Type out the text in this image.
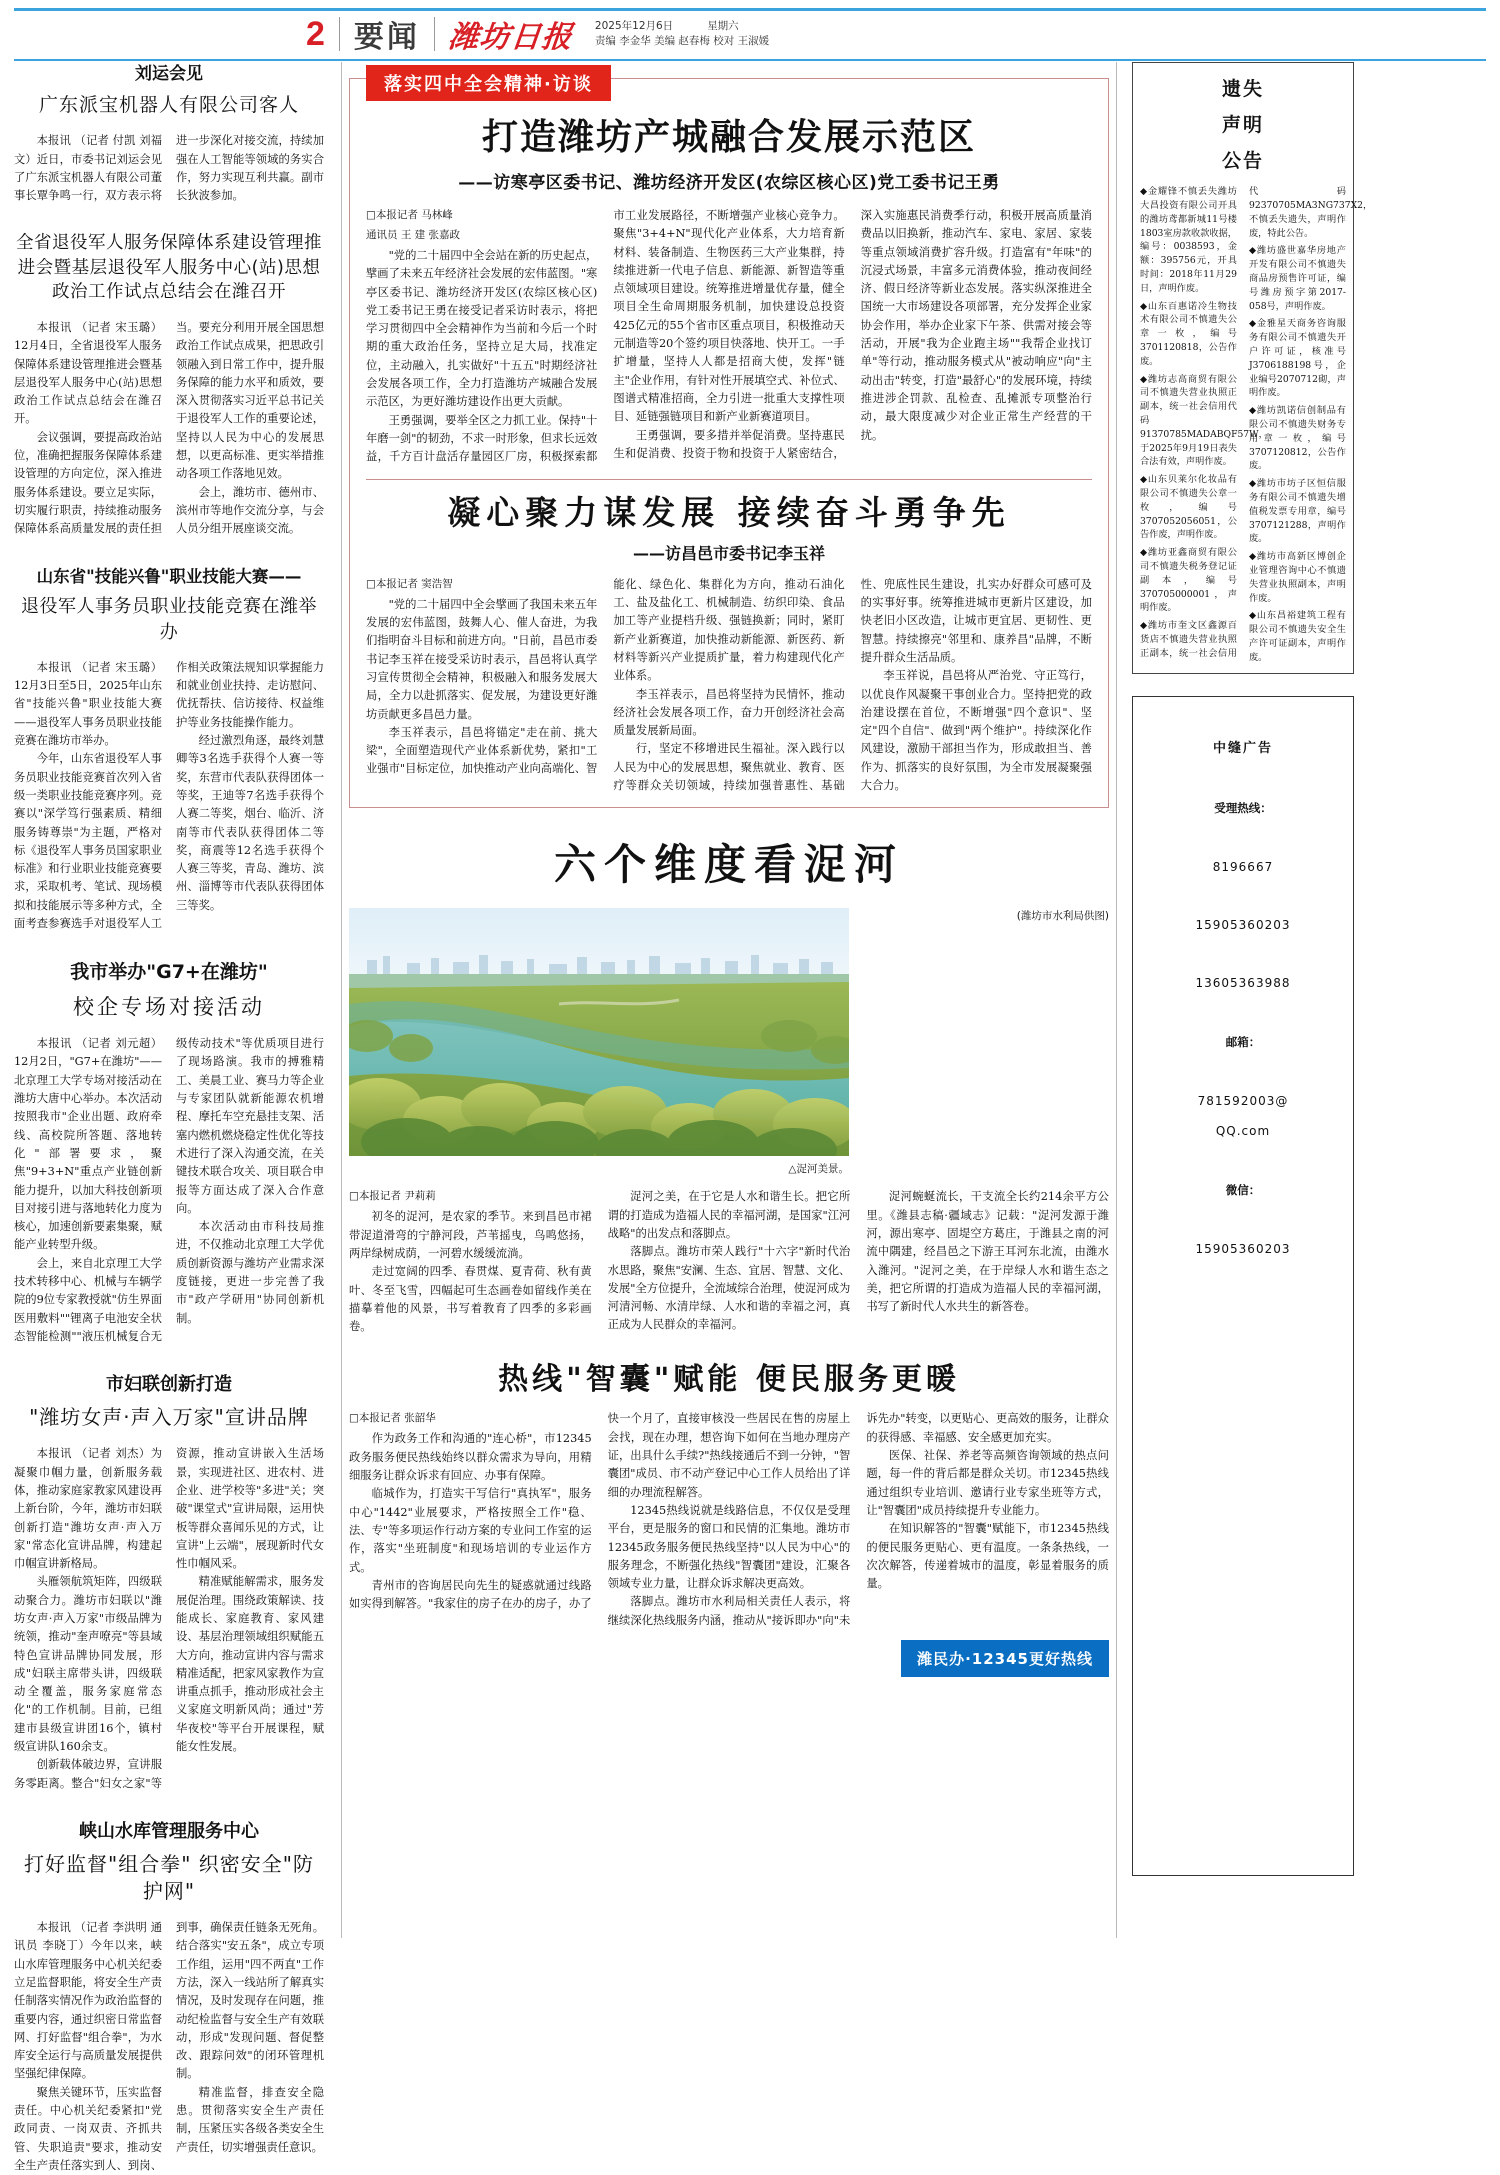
2 要闻 潍坊日报 2025年12月6日	星期六
责编 李金华 美编 赵春梅 校对 王淑媛
刘运会见
广东派宝机器人有限公司客人

本报讯 （记者 付凯 刘福文）近日，市委书记刘运会见了广东派宝机器人有限公司董事长覃争鸣一行，双方表示将进一步深化对接交流，持续加强在人工智能等领域的务实合作，努力实现互利共赢。副市长狄波参加。

全省退役军人服务保障体系建设管理推进会暨基层退役军人服务中心(站)思想政治工作试点总结会在潍召开

本报讯 （记者 宋玉璐）12月4日，全省退役军人服务保障体系建设管理推进会暨基层退役军人服务中心(站)思想政治工作试点总结会在潍召开。

会议强调，要提高政治站位，准确把握服务保障体系建设管理的方向定位，深入推进服务体系建设。要立足实际，切实履行职责，持续推动服务保障体系高质量发展的责任担当。要充分利用开展全国思想政治工作试点成果，把思政引领融入到日常工作中，提升服务保障的能力水平和质效，要深入贯彻落实习近平总书记关于退役军人工作的重要论述，坚持以人民为中心的发展思想，以更高标准、更实举措推动各项工作落地见效。

会上，潍坊市、德州市、滨州市等地作交流分享，与会人员分组开展座谈交流。

山东省"技能兴鲁"职业技能大赛——
退役军人事务员职业技能竞赛在潍举办

本报讯 （记者 宋玉璐）12月3日至5日，2025年山东省"技能兴鲁"职业技能大赛——退役军人事务员职业技能竞赛在潍坊市举办。

今年，山东省退役军人事务员职业技能竞赛首次列入省级一类职业技能竞赛序列。竞赛以"深学笃行强素质、精细服务铸尊崇"为主题，严格对标《退役军人事务员国家职业标准》和行业职业技能竞赛要求，采取机考、笔试、现场模拟和技能展示等多种方式，全面考查参赛选手对退役军人工作相关政策法规知识掌握能力和就业创业扶持、走访慰问、优抚帮扶、信访接待、权益维护等业务技能操作能力。

经过激烈角逐，最终刘慧卿等3名选手获得个人赛一等奖，东营市代表队获得团体一等奖，王迪等7名选手获得个人赛二等奖，烟台、临沂、济南等市代表队获得团体二等奖，商震等12名选手获得个人赛三等奖，青岛、潍坊、滨州、淄博等市代表队获得团体三等奖。

我市举办"G7+在潍坊"
校企专场对接活动

本报讯 （记者 刘元超）12月2日，"G7+在潍坊"——北京理工大学专场对接活动在潍坊大唐中心举办。本次活动按照我市"企业出题、政府牵线、高校院所答题、落地转化"部署要求，聚焦"9+3+N"重点产业链创新能力提升，以加大科技创新项目对接引进与落地转化力度为核心，加速创新要素集聚，赋能产业转型升级。

会上，来自北京理工大学技术转移中心、机械与车辆学院的9位专家教授就"仿生界面医用敷料""锂离子电池安全状态智能检测""液压机械复合无级传动技术"等优质项目进行了现场路演。我市的搏雅精工、美晨工业、赛马力等企业与专家团队就新能源农机增程、摩托车空充悬挂支架、活塞内燃机燃烧稳定性优化等技术进行了深入沟通交流，在关键技术联合攻关、项目联合申报等方面达成了深入合作意向。

本次活动由市科技局推进，不仅推动北京理工大学优质创新资源与潍坊产业需求深度链接，更进一步完善了我市"政产学研用"协同创新机制。

市妇联创新打造
"潍坊女声·声入万家"宣讲品牌

本报讯 （记者 刘杰）为凝聚巾帼力量，创新服务载体，推动家庭家教家风建设再上新台阶，今年，潍坊市妇联创新打造"潍坊女声·声入万家"常态化宣讲品牌，构建起巾帼宣讲新格局。

头雁领航筑矩阵，四级联动聚合力。潍坊市妇联以"潍坊女声·声入万家"市级品牌为统领，推动"奎声嘹亮"等县域特色宣讲品牌协同发展，形成"妇联主席带头讲，四级联动全覆盖，服务家庭常态化"的工作机制。目前，已组建市县级宣讲团16个，镇村级宣讲队160余支。

创新载体破边界，宣讲服务零距离。整合"妇女之家"等资源，推动宣讲嵌入生活场景，实现进社区、进农村、进企业、进学校等"多进"关；突破"课堂式"宣讲局限，运用快板等群众喜闻乐见的方式，让宣讲"上云端"，展现新时代女性巾帼风采。

精准赋能解需求，服务发展促治理。围绕政策解读、技能成长、家庭教育、家风建设、基层治理领域组织赋能五大方向，推动宣讲内容与需求精准适配，把家风家教作为宣讲重点抓手，推动形成社会主义家庭文明新风尚；通过"芳华夜校"等平台开展课程，赋能女性发展。

峡山水库管理服务中心
打好监督"组合拳" 织密安全"防护网"

本报讯 （记者 李洪明 通讯员 李晓丁）今年以来，峡山水库管理服务中心机关纪委立足监督职能，将安全生产责任制落实情况作为政治监督的重要内容，通过织密日常监督网、打好监督"组合拳"，为水库安全运行与高质量发展提供坚强纪律保障。

聚焦关键环节，压实监督责任。中心机关纪委紧扣"党政同责、一岗双责、齐抓共管、失职追责"要求，推动安全生产责任落实到人、到岗、到事，确保责任链条无死角。结合落实"安五条"，成立专项工作组，运用"四不两直"工作方法，深入一线站所了解真实情况，及时发现存在问题，推动纪检监督与安全生产有效联动，形成"发现问题、督促整改、跟踪问效"的闭环管理机制。

精准监督，排查安全隐患。贯彻落实安全生产责任制，压紧压实各级各类安全生产责任，切实增强责任意识。

落实四中全会精神·访谈
打造潍坊产城融合发展示范区
——访寒亭区委书记、潍坊经济开发区(农综区核心区)党工委书记王勇
□本报记者 马林峰
通讯员 王 建 张嘉政

"党的二十届四中全会站在新的历史起点，擘画了未来五年经济社会发展的宏伟蓝图。"寒亭区委书记、潍坊经济开发区(农综区核心区)党工委书记王勇在接受记者采访时表示，将把学习贯彻四中全会精神作为当前和今后一个时期的重大政治任务，坚持立足大局，找准定位，主动融入，扎实做好"十五五"时期经济社会发展各项工作，全力打造潍坊产城融合发展示范区，为更好潍坊建设作出更大贡献。

王勇强调，要举全区之力抓工业。保持"十年磨一剑"的韧劲，不求一时形象，但求长远效益，千方百计盘活存量园区厂房，积极探索都市工业发展路径，不断增强产业核心竞争力。聚焦"3+4+N"现代化产业体系，大力培育新材料、装备制造、生物医药三大产业集群，持续推进新一代电子信息、新能源、新智造等重点领域项目建设。统筹推进增量优存量，健全项目全生命周期服务机制，加快建设总投资425亿元的55个省市区重点项目，积极推动天元制造等20个签约项目快落地、快开工。一手扩增量，坚持人人都是招商大使，发挥"链主"企业作用，有针对性开展填空式、补位式、图谱式精准招商，全力引进一批重大支撑性项目、延链强链项目和新产业新赛道项目。

王勇强调，要多措并举促消费。坚持惠民生和促消费、投资于物和投资于人紧密结合，深入实施惠民消费季行动，积极开展高质量消费品以旧换新，推动汽车、家电、家居、家装等重点领域消费扩容升级。打造富有"年味"的沉浸式场景，丰富多元消费体验，推动夜间经济、假日经济等新业态发展。落实纵深推进全国统一大市场建设各项部署，充分发挥企业家协会作用，举办企业家下午茶、供需对接会等活动，开展"我为企业跑主场""我帮企业找订单"等行动，推动服务模式从"被动响应"向"主动出击"转变，打造"最舒心"的发展环境，持续推进涉企罚款、乱检查、乱摊派专项整治行动，最大限度减少对企业正常生产经营的干扰。

凝心聚力谋发展 接续奋斗勇争先
——访昌邑市委书记李玉祥
□本报记者 窦浩智

"党的二十届四中全会擘画了我国未来五年发展的宏伟蓝图，鼓舞人心、催人奋进，为我们指明奋斗目标和前进方向。"日前，昌邑市委书记李玉祥在接受采访时表示，昌邑将认真学习宣传贯彻全会精神，积极融入和服务发展大局，全力以赴抓落实、促发展，为建设更好潍坊贡献更多昌邑力量。

李玉祥表示，昌邑将锚定"走在前、挑大梁"，全面塑造现代产业体系新优势，紧扣"工业强市"目标定位，加快推动产业向高端化、智能化、绿色化、集群化为方向，推动石油化工、盐及盐化工、机械制造、纺织印染、食品加工等产业提档升级、强链换新；同时，紧盯新产业新赛道，加快推动新能源、新医药、新材料等新兴产业提质扩量，着力构建现代化产业体系。

李玉祥表示，昌邑将坚持为民情怀，推动经济社会发展各项工作，奋力开创经济社会高质量发展新局面。

行，坚定不移增进民生福祉。深入践行以人民为中心的发展思想，聚焦就业、教育、医疗等群众关切领域，持续加强普惠性、基础性、兜底性民生建设，扎实办好群众可感可及的实事好事。统筹推进城市更新片区建设，加快老旧小区改造，让城市更宜居、更韧性、更智慧。持续擦亮"邻里和、康养昌"品牌，不断提升群众生活品质。

李玉祥说，昌邑将从严治党、守正笃行，以优良作风凝聚干事创业合力。坚持把党的政治建设摆在首位，不断增强"四个意识"、坚定"四个自信"、做到"两个维护"。持续深化作风建设，激励干部担当作为，形成敢担当、善作为、抓落实的良好氛围，为全市发展凝聚强大合力。

六个维度看浞河
△浞河美景。
(潍坊市水利局供图)
□本报记者 尹莉莉

初冬的浞河，是农家的季节。来到昌邑市裙带浞道滑弯的宁静河段，芦苇摇曳，鸟鸣悠扬，两岸绿树成荫，一河碧水缓缓流淌。

走过宽阔的四季、春贯煤、夏青荷、秋有黄叶、冬至飞雪，四幅起可生态画卷如留线作美在描摹着他的风景，书写着教育了四季的多彩画卷。

浞河之美，在于它是人水和谐生长。把它所谓的打造成为造福人民的幸福河湖，是国家"江河战略"的出发点和落脚点。

落脚点。潍坊市荣人践行"十六字"新时代治水思路，聚焦"安澜、生态、宜居、智慧、文化、发展"全方位提升，全流域综合治理，使浞河成为河清河畅、水清岸绿、人水和谐的幸福之河，真正成为人民群众的幸福河。

浞河蜿蜒流长，干支流全长约214余平方公里。《潍县志稿·疆域志》记载："浞河发源于潍河，源出寒亭、固堤空方葛庄，于潍县之南的河流中隅建，经昌邑之下游王耳河东北流，由潍水入潍河。"浞河之美，在于岸绿人水和谐生态之美，把它所谓的打造成为造福人民的幸福河湖，书写了新时代人水共生的新答卷。

热线"智囊"赋能 便民服务更暖
□本报记者 张韶华

作为政务工作和沟通的"连心桥"，市12345政务服务便民热线始终以群众需求为导向，用精细服务让群众诉求有回应、办事有保障。

临城作为，打造实干写信行"真执军"，服务中心"1442"业展要求，严格按照全工作"稳、法、专"等多项运作行动方案的专业问工作室的运作，落实"坐班制度"和现场培训的专业运作方式。

青州市的咨询居民向先生的疑惑就通过线路如实得到解答。"我家住的房子在办的房子，办了快一个月了，直接审核没一些居民在售的房屋上会找，现在办理，想咨询下如何在当地办理房产证，出具什么手续?"热线接通后不到一分钟，"智囊团"成员、市不动产登记中心工作人员给出了详细的办理流程解答。

12345热线说就是线路信息，不仅仅是受理平台，更是服务的窗口和民情的汇集地。潍坊市12345政务服务便民热线坚持"以人民为中心"的服务理念，不断强化热线"智囊团"建设，汇聚各领域专业力量，让群众诉求解决更高效。

落脚点。潍坊市水利局相关责任人表示，将继续深化热线服务内涵，推动从"接诉即办"向"未诉先办"转变，以更贴心、更高效的服务，让群众的获得感、幸福感、安全感更加充实。

医保、社保、养老等高频咨询领域的热点问题，每一件的背后都是群众关切。市12345热线通过组织专业培训、邀请行业专家坐班等方式，让"智囊团"成员持续提升专业能力。

在知识解答的"智囊"赋能下，市12345热线的便民服务更贴心、更有温度。一条条热线，一次次解答，传递着城市的温度，彰显着服务的质量。

潍民办·12345更好热线
遗失
声明
公告

◆金耀锋不慎丢失潍坊大昌投资有限公司开具的潍坊鸢都新城11号楼1803室房款收款收据，编号：0038593，金额：395756元，开具时间：2018年11月29日，声明作废。

◆山东百惠诺冷生物技术有限公司不慎遗失公章一枚，编号3701120818，公告作废。

◆潍坊志高商贸有限公司不慎遗失营业执照正副本，统一社会信用代码91370785MADABQF57W，于2025年9月19日表失合法有效，声明作废。

◆山东贝莱尔化妆品有限公司不慎遗失公章一枚，编号3707052056051，公告作废，声明作废。

◆潍坊亚鑫商贸有限公司不慎遗失税务登记证副本，编号370705000001，声明作废。

◆潍坊市奎文区鑫源百货店不慎遗失营业执照正副本，统一社会信用代码92370705MA3NG737X2，不慎丢失遗失，声明作废，特此公告。

◆潍坊盛世嘉华房地产开发有限公司不慎遗失商品房预售许可证，编号潍房预字第2017-058号，声明作废。

◆金雅星天商务咨询服务有限公司不慎遗失开户许可证，核准号J3706188198号，企业编号2070712砌，声明作废。

◆潍坊凯诺信创制品有限公司不慎遗失财务专用章一枚，编号3707120812，公告作废。

◆潍坊市坊子区恒信服务有限公司不慎遗失增值税发票专用章，编号3707121288，声明作废。

◆潍坊市高新区博创企业管理咨询中心不慎遗失营业执照副本，声明作废。

◆山东昌裕建筑工程有限公司不慎遗失安全生产许可证副本，声明作废。

中缝广告
受理热线：
8196667
15905360203
13605363988
邮箱：
781592003@
QQ.com
微信：
15905360203
